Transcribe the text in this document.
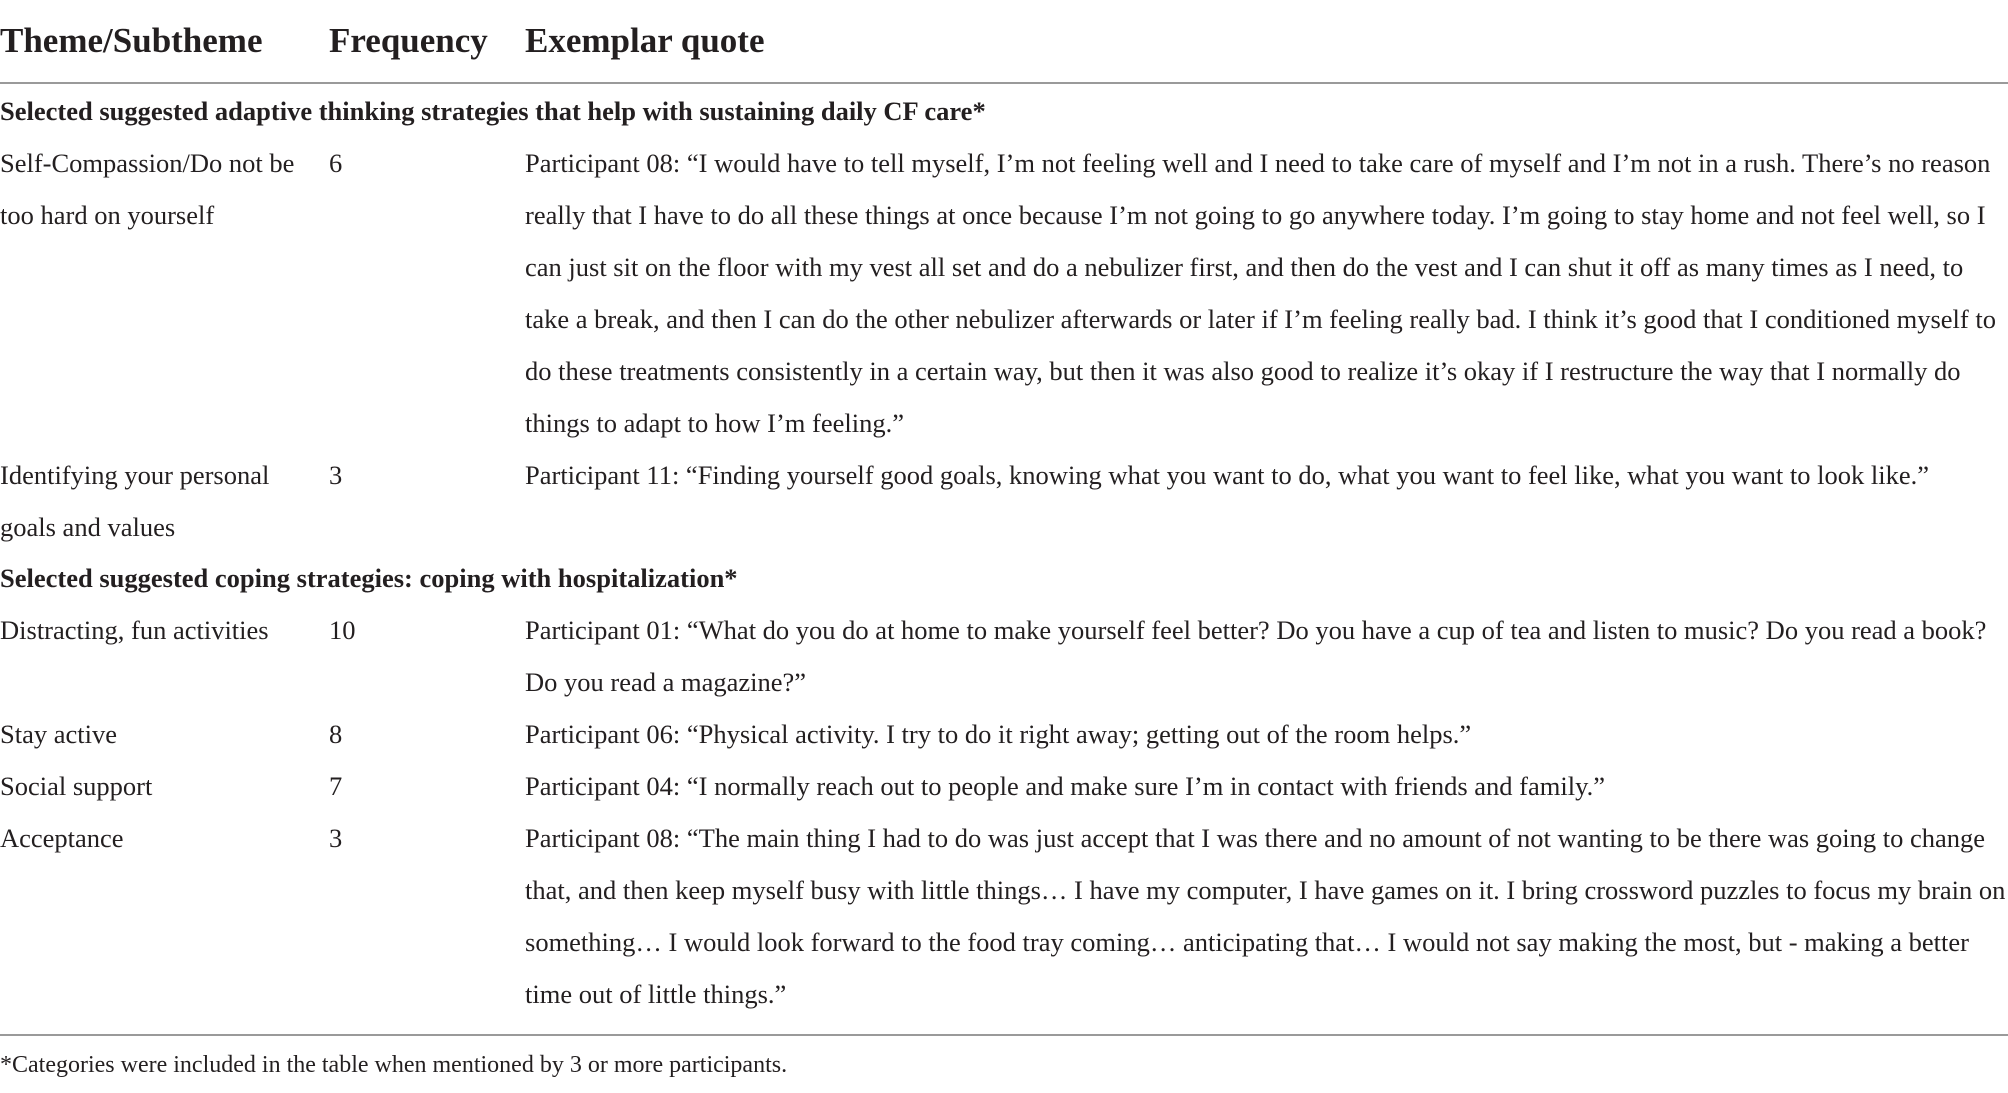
Theme/Subtheme	Frequency	Exemplar quote
Selected suggested adaptive thinking strategies that help with sustaining daily CF care*		
Self-Compassion/Do not be too hard on yourself	6	Participant 08: “I would have to tell myself, I’m not feeling well and I need to take care of myself and I’m not in a rush. There’s no reason really that I have to do all these things at once because I’m not going to go anywhere today. I’m going to stay home and not feel well, so I can just sit on the floor with my vest all set and do a nebulizer first, and then do the vest and I can shut it off as many times as I need, to take a break, and then I can do the other nebulizer afterwards or later if I’m feeling really bad. I think it’s good that I conditioned myself to do these treatments consistently in a certain way, but then it was also good to realize it’s okay if I restructure the way that I normally do things to adapt to how I’m feeling.”
Identifying your personal goals and values	3	Participant 11: “Finding yourself good goals, knowing what you want to do, what you want to feel like, what you want to look like.”
Selected suggested coping strategies: coping with hospitalization*		
Distracting, fun activities	10	Participant 01: “What do you do at home to make yourself feel better? Do you have a cup of tea and listen to music? Do you read a book? Do you read a magazine?”
Stay active	8	Participant 06: “Physical activity. I try to do it right away; getting out of the room helps.”
Social support	7	Participant 04: “I normally reach out to people and make sure I’m in contact with friends and family.”
Acceptance	3	Participant 08: “The main thing I had to do was just accept that I was there and no amount of not wanting to be there was going to change that, and then keep myself busy with little things… I have my computer, I have games on it. I bring crossword puzzles to focus my brain on something… I would look forward to the food tray coming… anticipating that… I would not say making the most, but - making a better time out of little things.”
*Categories were included in the table when mentioned by 3 or more participants.		
